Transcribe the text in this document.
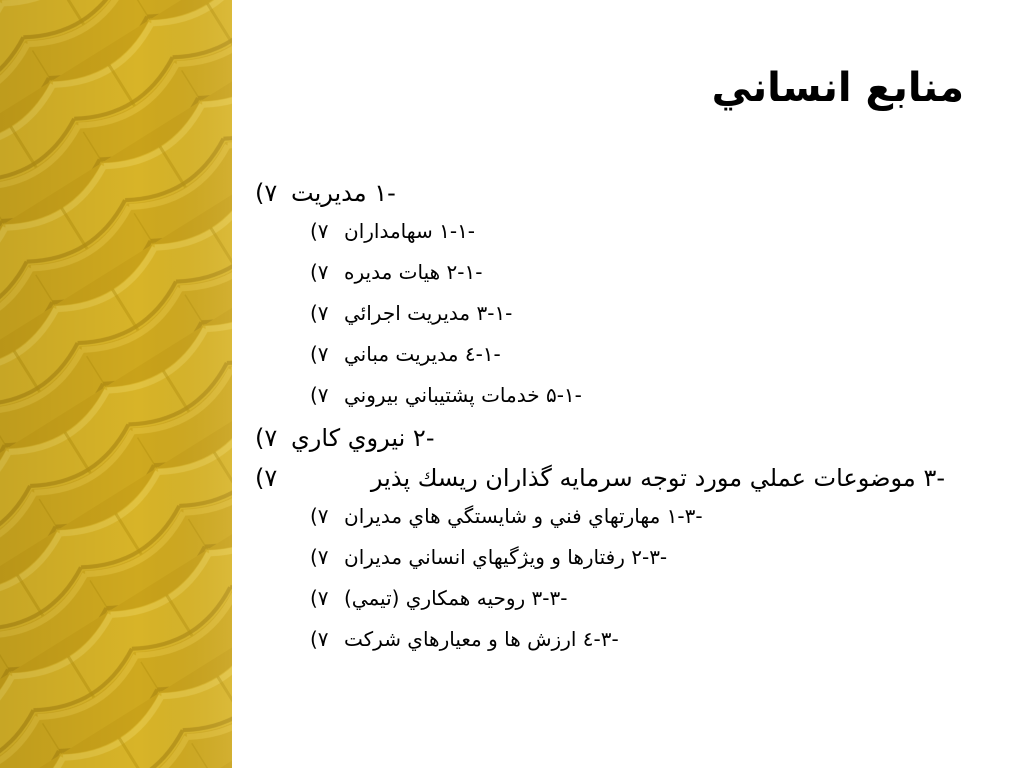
منابع انساني
(۷	۱- مديريت
(۷	۱-۱- سهامداران
(۷	۲-۱- هيات مديره
(۷	۳-۱- مديريت اجرائي
(۷	٤-۱- مديريت مباني
(۷	۵-۱- خدمات پشتيباني بيروني
(۷	۲- نيروي كاري
(۷	۳- موضوعات عملي مورد توجه سرمايه گذاران ريسك پذير
(۷	۱-۳- مهارتهاي فني و شايستگي هاي مديران
(۷	۲-۳- رفتارها و ويژگيهاي انساني مديران
(۷	۳-۳- روحيه همكاري (تيمي)
(۷	٤-۳- ارزش ها و معيارهاي شركت
